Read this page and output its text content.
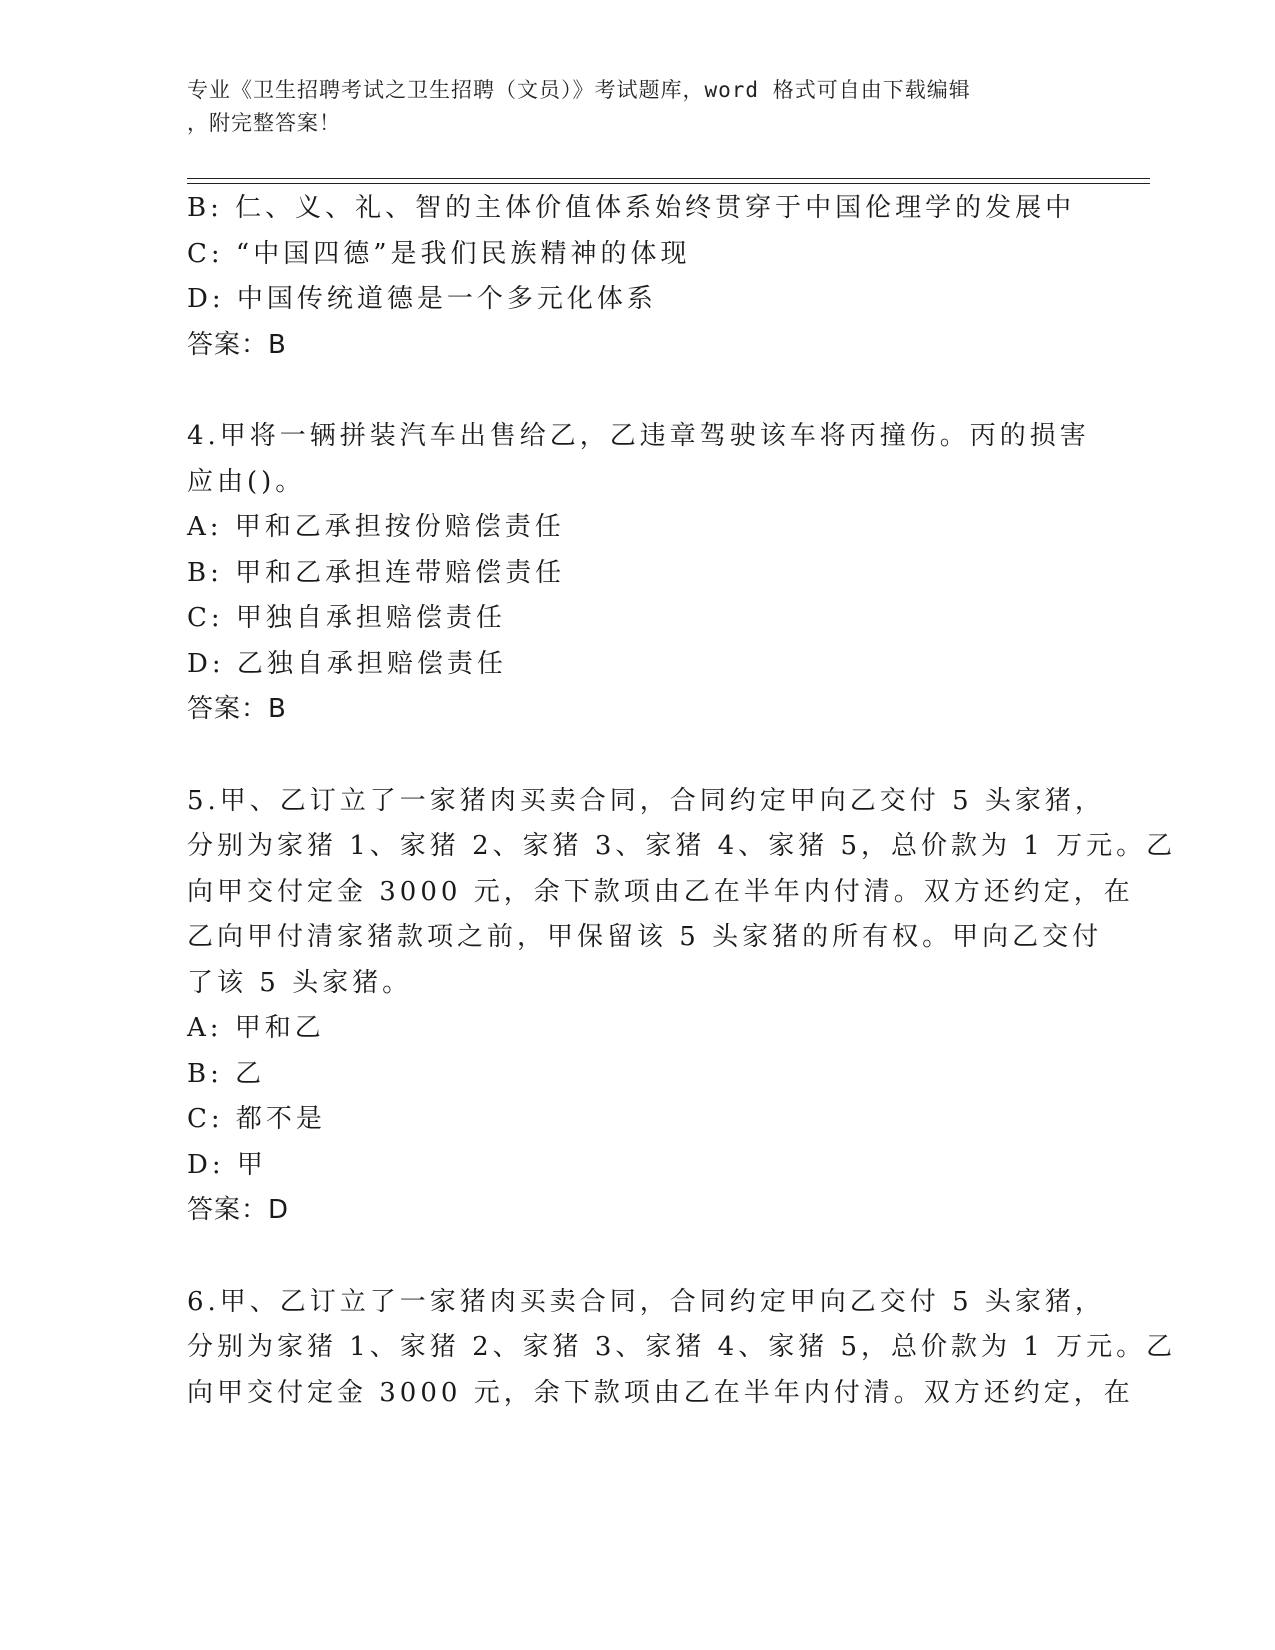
专业《卫生招聘考试之卫生招聘（文员）》考试题库，word 格式可自由下载编辑
，附完整答案！
B: 仁、义、礼、智的主体价值体系始终贯穿于中国伦理学的发展中
C: “中国四德”是我们民族精神的体现
D: 中国传统道德是一个多元化体系
答案：B
4.甲将一辆拼装汽车出售给乙，乙违章驾驶该车将丙撞伤。丙的损害
应由()。
A: 甲和乙承担按份赔偿责任
B: 甲和乙承担连带赔偿责任
C: 甲独自承担赔偿责任
D: 乙独自承担赔偿责任
答案：B
5.甲、乙订立了一家猪肉买卖合同，合同约定甲向乙交付 5 头家猪，
分别为家猪 1、家猪 2、家猪 3、家猪 4、家猪 5，总价款为 1 万元。乙
向甲交付定金 3000 元，余下款项由乙在半年内付清。双方还约定，在
乙向甲付清家猪款项之前，甲保留该 5 头家猪的所有权。甲向乙交付
了该 5 头家猪。
A: 甲和乙
B: 乙
C: 都不是
D: 甲
答案：D
6.甲、乙订立了一家猪肉买卖合同，合同约定甲向乙交付 5 头家猪，
分别为家猪 1、家猪 2、家猪 3、家猪 4、家猪 5，总价款为 1 万元。乙
向甲交付定金 3000 元，余下款项由乙在半年内付清。双方还约定，在
